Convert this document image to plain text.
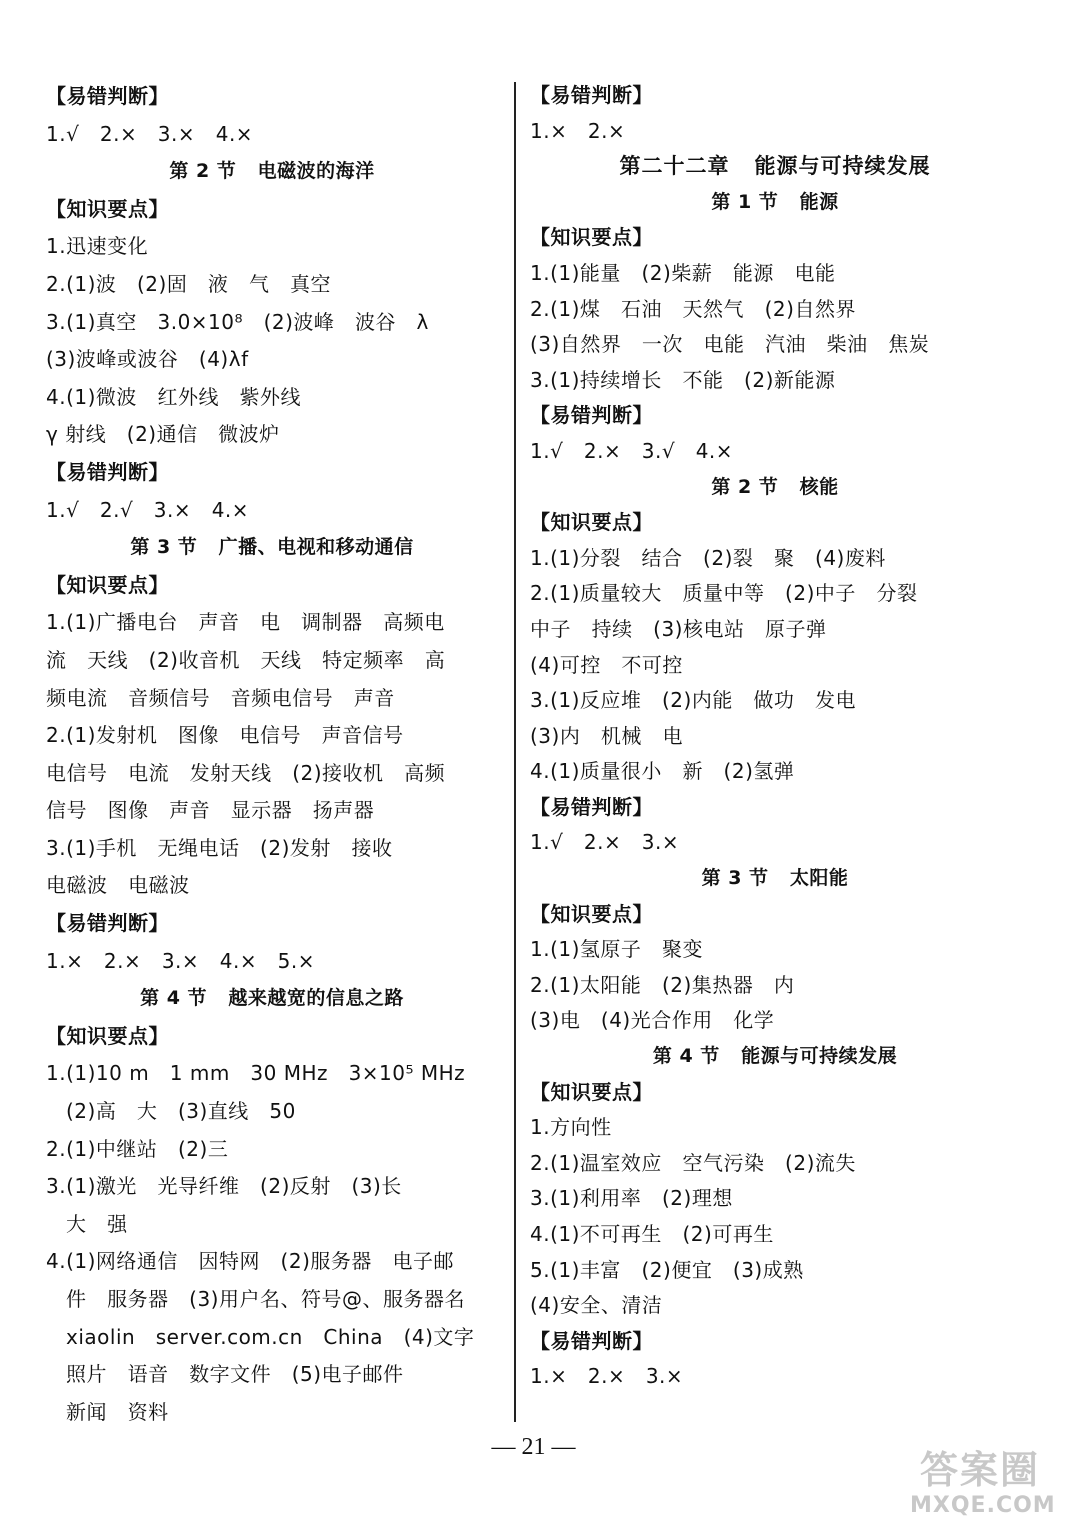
【易错判断】
1.√   2.×   3.×   4.×
第 2 节   电磁波的海洋
【知识要点】
1.迅速变化
2.(1)波   (2)固   液   气   真空
3.(1)真空   3.0×10⁸   (2)波峰   波谷   λ
(3)波峰或波谷   (4)λf
4.(1)微波   红外线   紫外线
γ 射线   (2)通信   微波炉
【易错判断】
1.√   2.√   3.×   4.×
第 3 节   广播、电视和移动通信
【知识要点】
1.(1)广播电台   声音   电   调制器   高频电
流   天线   (2)收音机   天线   特定频率   高
频电流   音频信号   音频电信号   声音
2.(1)发射机   图像   电信号   声音信号
电信号   电流   发射天线   (2)接收机   高频
信号   图像   声音   显示器   扬声器
3.(1)手机   无绳电话   (2)发射   接收
电磁波   电磁波
【易错判断】
1.×   2.×   3.×   4.×   5.×
第 4 节   越来越宽的信息之路
【知识要点】
1.(1)10 m   1 mm   30 MHz   3×10⁵ MHz
(2)高   大   (3)直线   50
2.(1)中继站   (2)三
3.(1)激光   光导纤维   (2)反射   (3)长
大   强
4.(1)网络通信   因特网   (2)服务器   电子邮
件   服务器   (3)用户名、符号@、服务器名
xiaolin   server.com.cn   China   (4)文字
照片   语音   数字文件   (5)电子邮件
新闻   资料
【易错判断】
1.×   2.×
第二十二章   能源与可持续发展
第 1 节   能源
【知识要点】
1.(1)能量   (2)柴薪   能源   电能
2.(1)煤   石油   天然气   (2)自然界
(3)自然界   一次   电能   汽油   柴油   焦炭
3.(1)持续增长   不能   (2)新能源
【易错判断】
1.√   2.×   3.√   4.×
第 2 节   核能
【知识要点】
1.(1)分裂   结合   (2)裂   聚   (4)废料
2.(1)质量较大   质量中等   (2)中子   分裂
中子   持续   (3)核电站   原子弹
(4)可控   不可控
3.(1)反应堆   (2)内能   做功   发电
(3)内   机械   电
4.(1)质量很小   新   (2)氢弹
【易错判断】
1.√   2.×   3.×
第 3 节   太阳能
【知识要点】
1.(1)氢原子   聚变
2.(1)太阳能   (2)集热器   内
(3)电   (4)光合作用   化学
第 4 节   能源与可持续发展
【知识要点】
1.方向性
2.(1)温室效应   空气污染   (2)流失
3.(1)利用率   (2)理想
4.(1)不可再生   (2)可再生
5.(1)丰富   (2)便宜   (3)成熟
(4)安全、清洁
【易错判断】
1.×   2.×   3.×
— 21 —
答案圈
MXQE.COM
